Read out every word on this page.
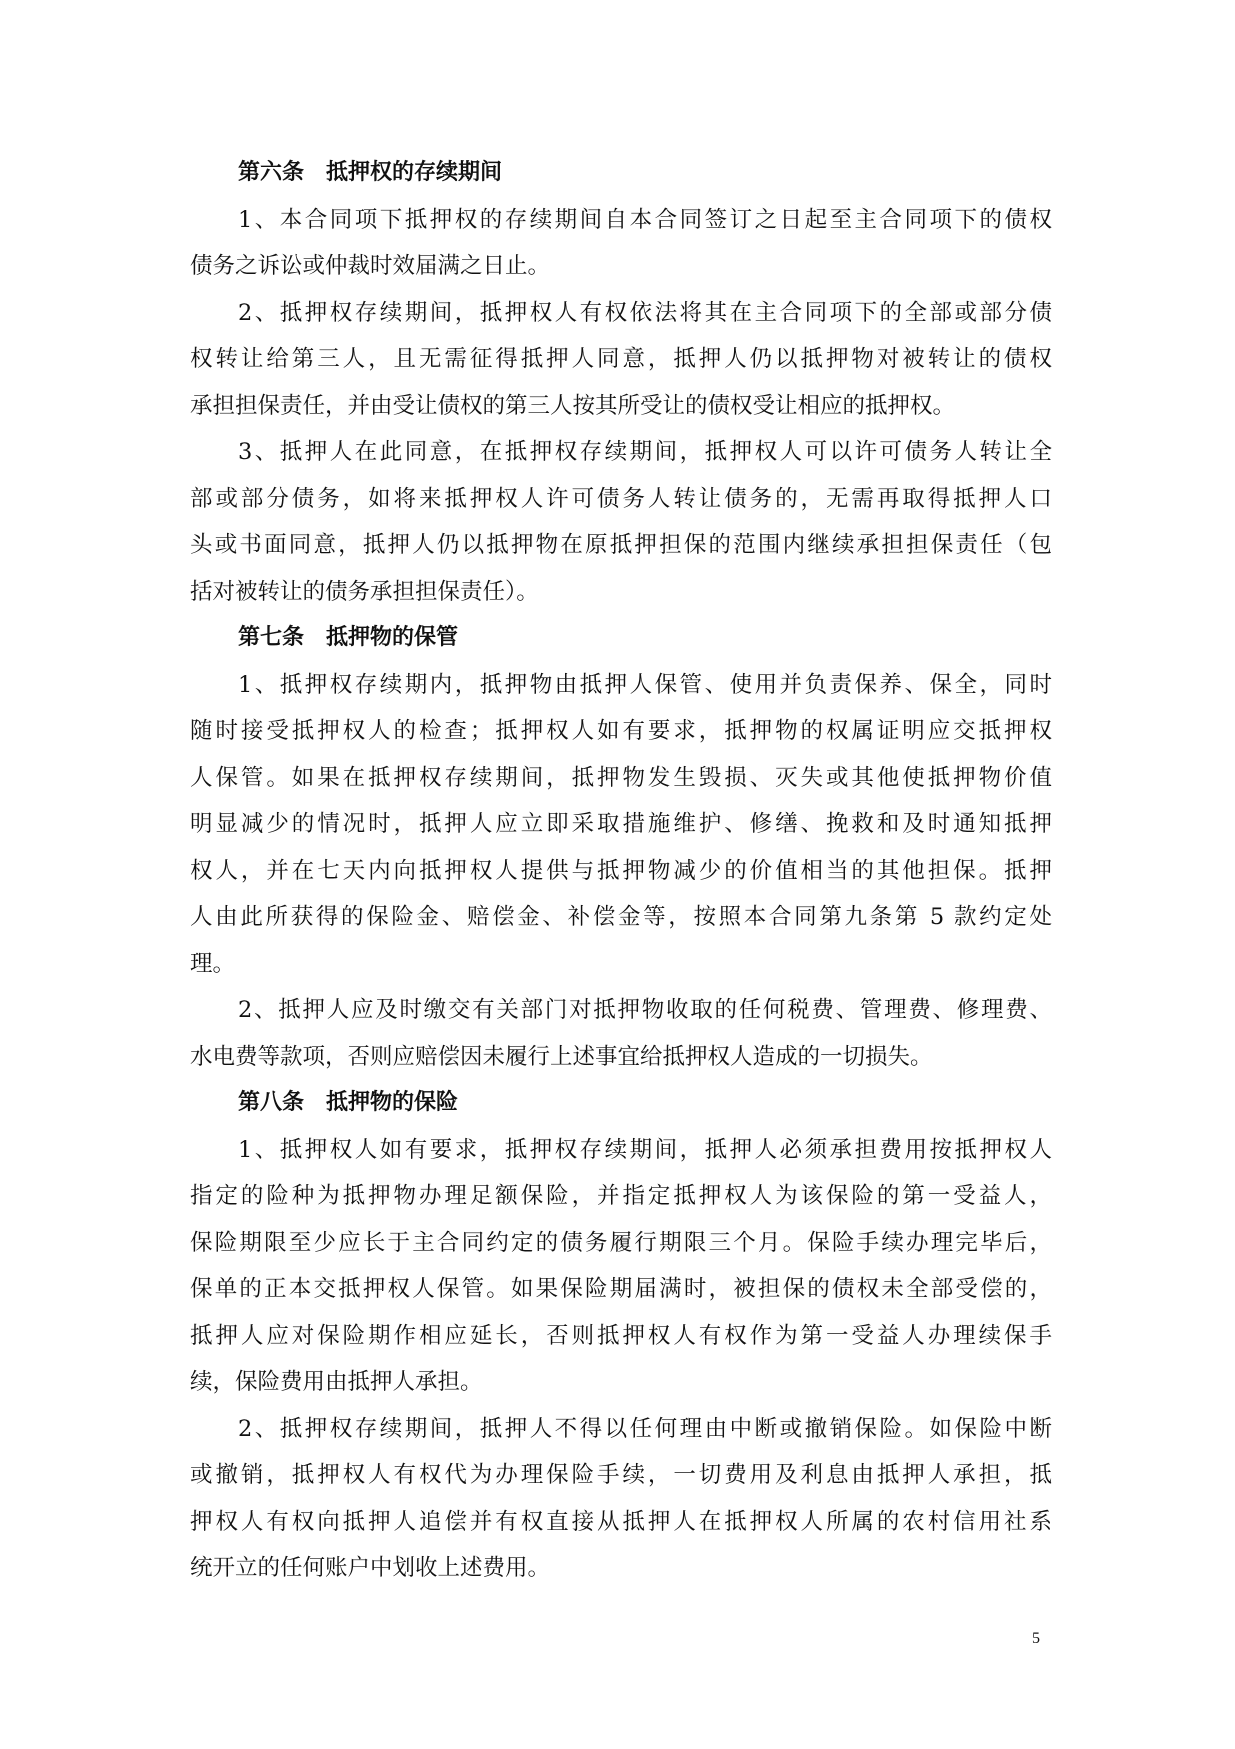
第六条　抵押权的存续期间
1、本合同项下抵押权的存续期间自本合同签订之日起至主合同项下的债权
债务之诉讼或仲裁时效届满之日止。
2、抵押权存续期间，抵押权人有权依法将其在主合同项下的全部或部分债
权转让给第三人，且无需征得抵押人同意，抵押人仍以抵押物对被转让的债权
承担担保责任，并由受让债权的第三人按其所受让的债权受让相应的抵押权。
3、抵押人在此同意，在抵押权存续期间，抵押权人可以许可债务人转让全
部或部分债务，如将来抵押权人许可债务人转让债务的，无需再取得抵押人口
头或书面同意，抵押人仍以抵押物在原抵押担保的范围内继续承担担保责任（包
括对被转让的债务承担担保责任）。
第七条　抵押物的保管
1、抵押权存续期内，抵押物由抵押人保管、使用并负责保养、保全，同时
随时接受抵押权人的检查；抵押权人如有要求，抵押物的权属证明应交抵押权
人保管。如果在抵押权存续期间，抵押物发生毁损、灭失或其他使抵押物价值
明显减少的情况时，抵押人应立即采取措施维护、修缮、挽救和及时通知抵押
权人，并在七天内向抵押权人提供与抵押物减少的价值相当的其他担保。抵押
人由此所获得的保险金、赔偿金、补偿金等，按照本合同第九条第 5 款约定处
理。
2、抵押人应及时缴交有关部门对抵押物收取的任何税费、管理费、修理费、
水电费等款项，否则应赔偿因未履行上述事宜给抵押权人造成的一切损失。
第八条　抵押物的保险
1、抵押权人如有要求，抵押权存续期间，抵押人必须承担费用按抵押权人
指定的险种为抵押物办理足额保险，并指定抵押权人为该保险的第一受益人，
保险期限至少应长于主合同约定的债务履行期限三个月。保险手续办理完毕后，
保单的正本交抵押权人保管。如果保险期届满时，被担保的债权未全部受偿的，
抵押人应对保险期作相应延长，否则抵押权人有权作为第一受益人办理续保手
续，保险费用由抵押人承担。
2、抵押权存续期间，抵押人不得以任何理由中断或撤销保险。如保险中断
或撤销，抵押权人有权代为办理保险手续，一切费用及利息由抵押人承担，抵
押权人有权向抵押人追偿并有权直接从抵押人在抵押权人所属的农村信用社系
统开立的任何账户中划收上述费用。
5
